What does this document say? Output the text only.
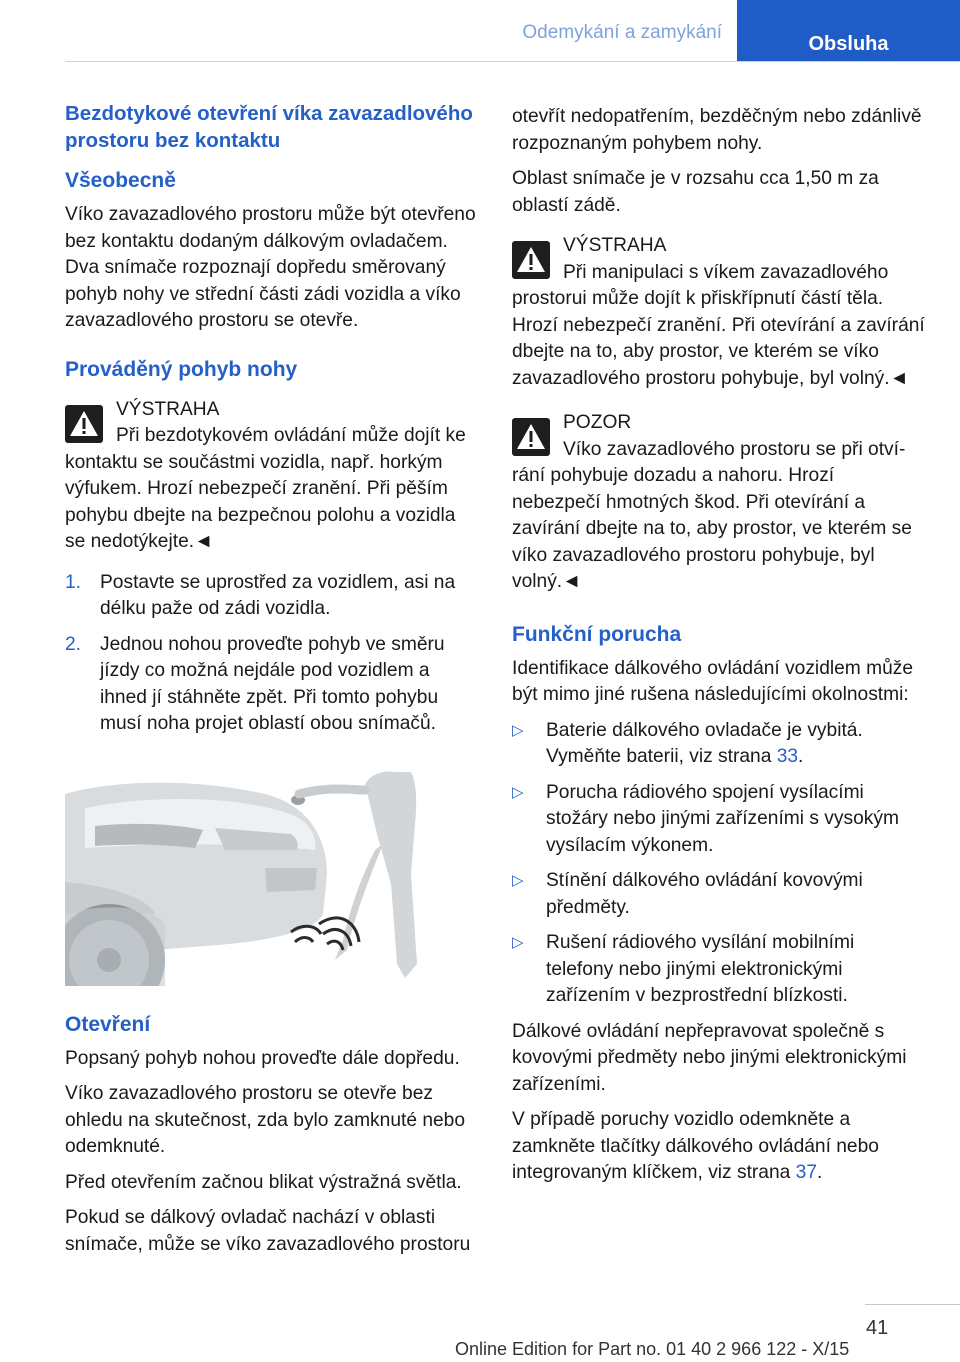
Odemykání a zamykání
Obsluha
Bezdotykové otevření víka zavazadlového prostoru bez kontaktu
Všeobecně

Víko zavazadlového prostoru může být otevřeno bez kontaktu dodaným dálkovým ovladačem. Dva snímače rozpoznají dopředu směrovaný pohyb nohy ve střední části zádi vozidla a víko zavazadlového prostoru se otevře.

Prováděný pohyb nohy
VÝSTRAHA
Při bezdotykovém ovládání může dojít ke
kontaktu se součástmi vozidla, např. horkým výfukem. Hrozí nebezpečí zranění. Při pěším pohybu dbejte na bezpečnou polohu a vozidla se nedotýkejte.◄
1. Postavte se uprostřed za vozidlem, asi na délku paže od zádi vozidla.
2. Jednou nohou proveďte pohyb ve směru jízdy co možná nejdále pod vozidlem a ihned jí stáhněte zpět. Při tomto pohybu musí noha projet oblastí obou snímačů.
Otevření

Popsaný pohyb nohou proveďte dále dopředu.

Víko zavazadlového prostoru se otevře bez ohledu na skutečnost, zda bylo zamknuté nebo odemknuté.

Před otevřením začnou blikat výstražná světla.

Pokud se dálkový ovladač nachází v oblasti snímače, může se víko zavazadlového prostoru

otevřít nedopatřením, bezděčným nebo zdánlivě rozpoznaným pohybem nohy.

Oblast snímače je v rozsahu cca 1,50 m za oblastí zádě.

VÝSTRAHA
Při manipulaci s víkem zavazadlového
prostorui může dojít k přiskřípnutí částí těla. Hrozí nebezpečí zranění. Při otevírání a zavírání dbejte na to, aby prostor, ve kterém se víko zavazadlového prostoru pohybuje, byl volný.◄
POZOR
Víko zavazadlového prostoru se při otví-
rání pohybuje dozadu a nahoru. Hrozí nebezpečí hmotných škod. Při otevírání a zavírání dbejte na to, aby prostor, ve kterém se víko zavazadlového prostoru pohybuje, byl volný.◄
Funkční porucha

Identifikace dálkového ovládání vozidlem může být mimo jiné rušena následujícími okolnostmi:

▷ Baterie dálkového ovladače je vybitá. Vyměňte baterii, viz strana 33.
▷ Porucha rádiového spojení vysílacími stožáry nebo jinými zařízeními s vysokým vysílacím výkonem.
▷ Stínění dálkového ovládání kovovými předměty.
▷ Rušení rádiového vysílání mobilními telefony nebo jinými elektronickými zařízením v bezprostřední blízkosti.

Dálkové ovládání nepřepravovat společně s kovovými předměty nebo jinými elektronickými zařízeními.

V případě poruchy vozidlo odemkněte a zamkněte tlačítky dálkového ovládání nebo integrovaným klíčkem, viz strana 37.

41
Online Edition for Part no. 01 40 2 966 122 - X/15
